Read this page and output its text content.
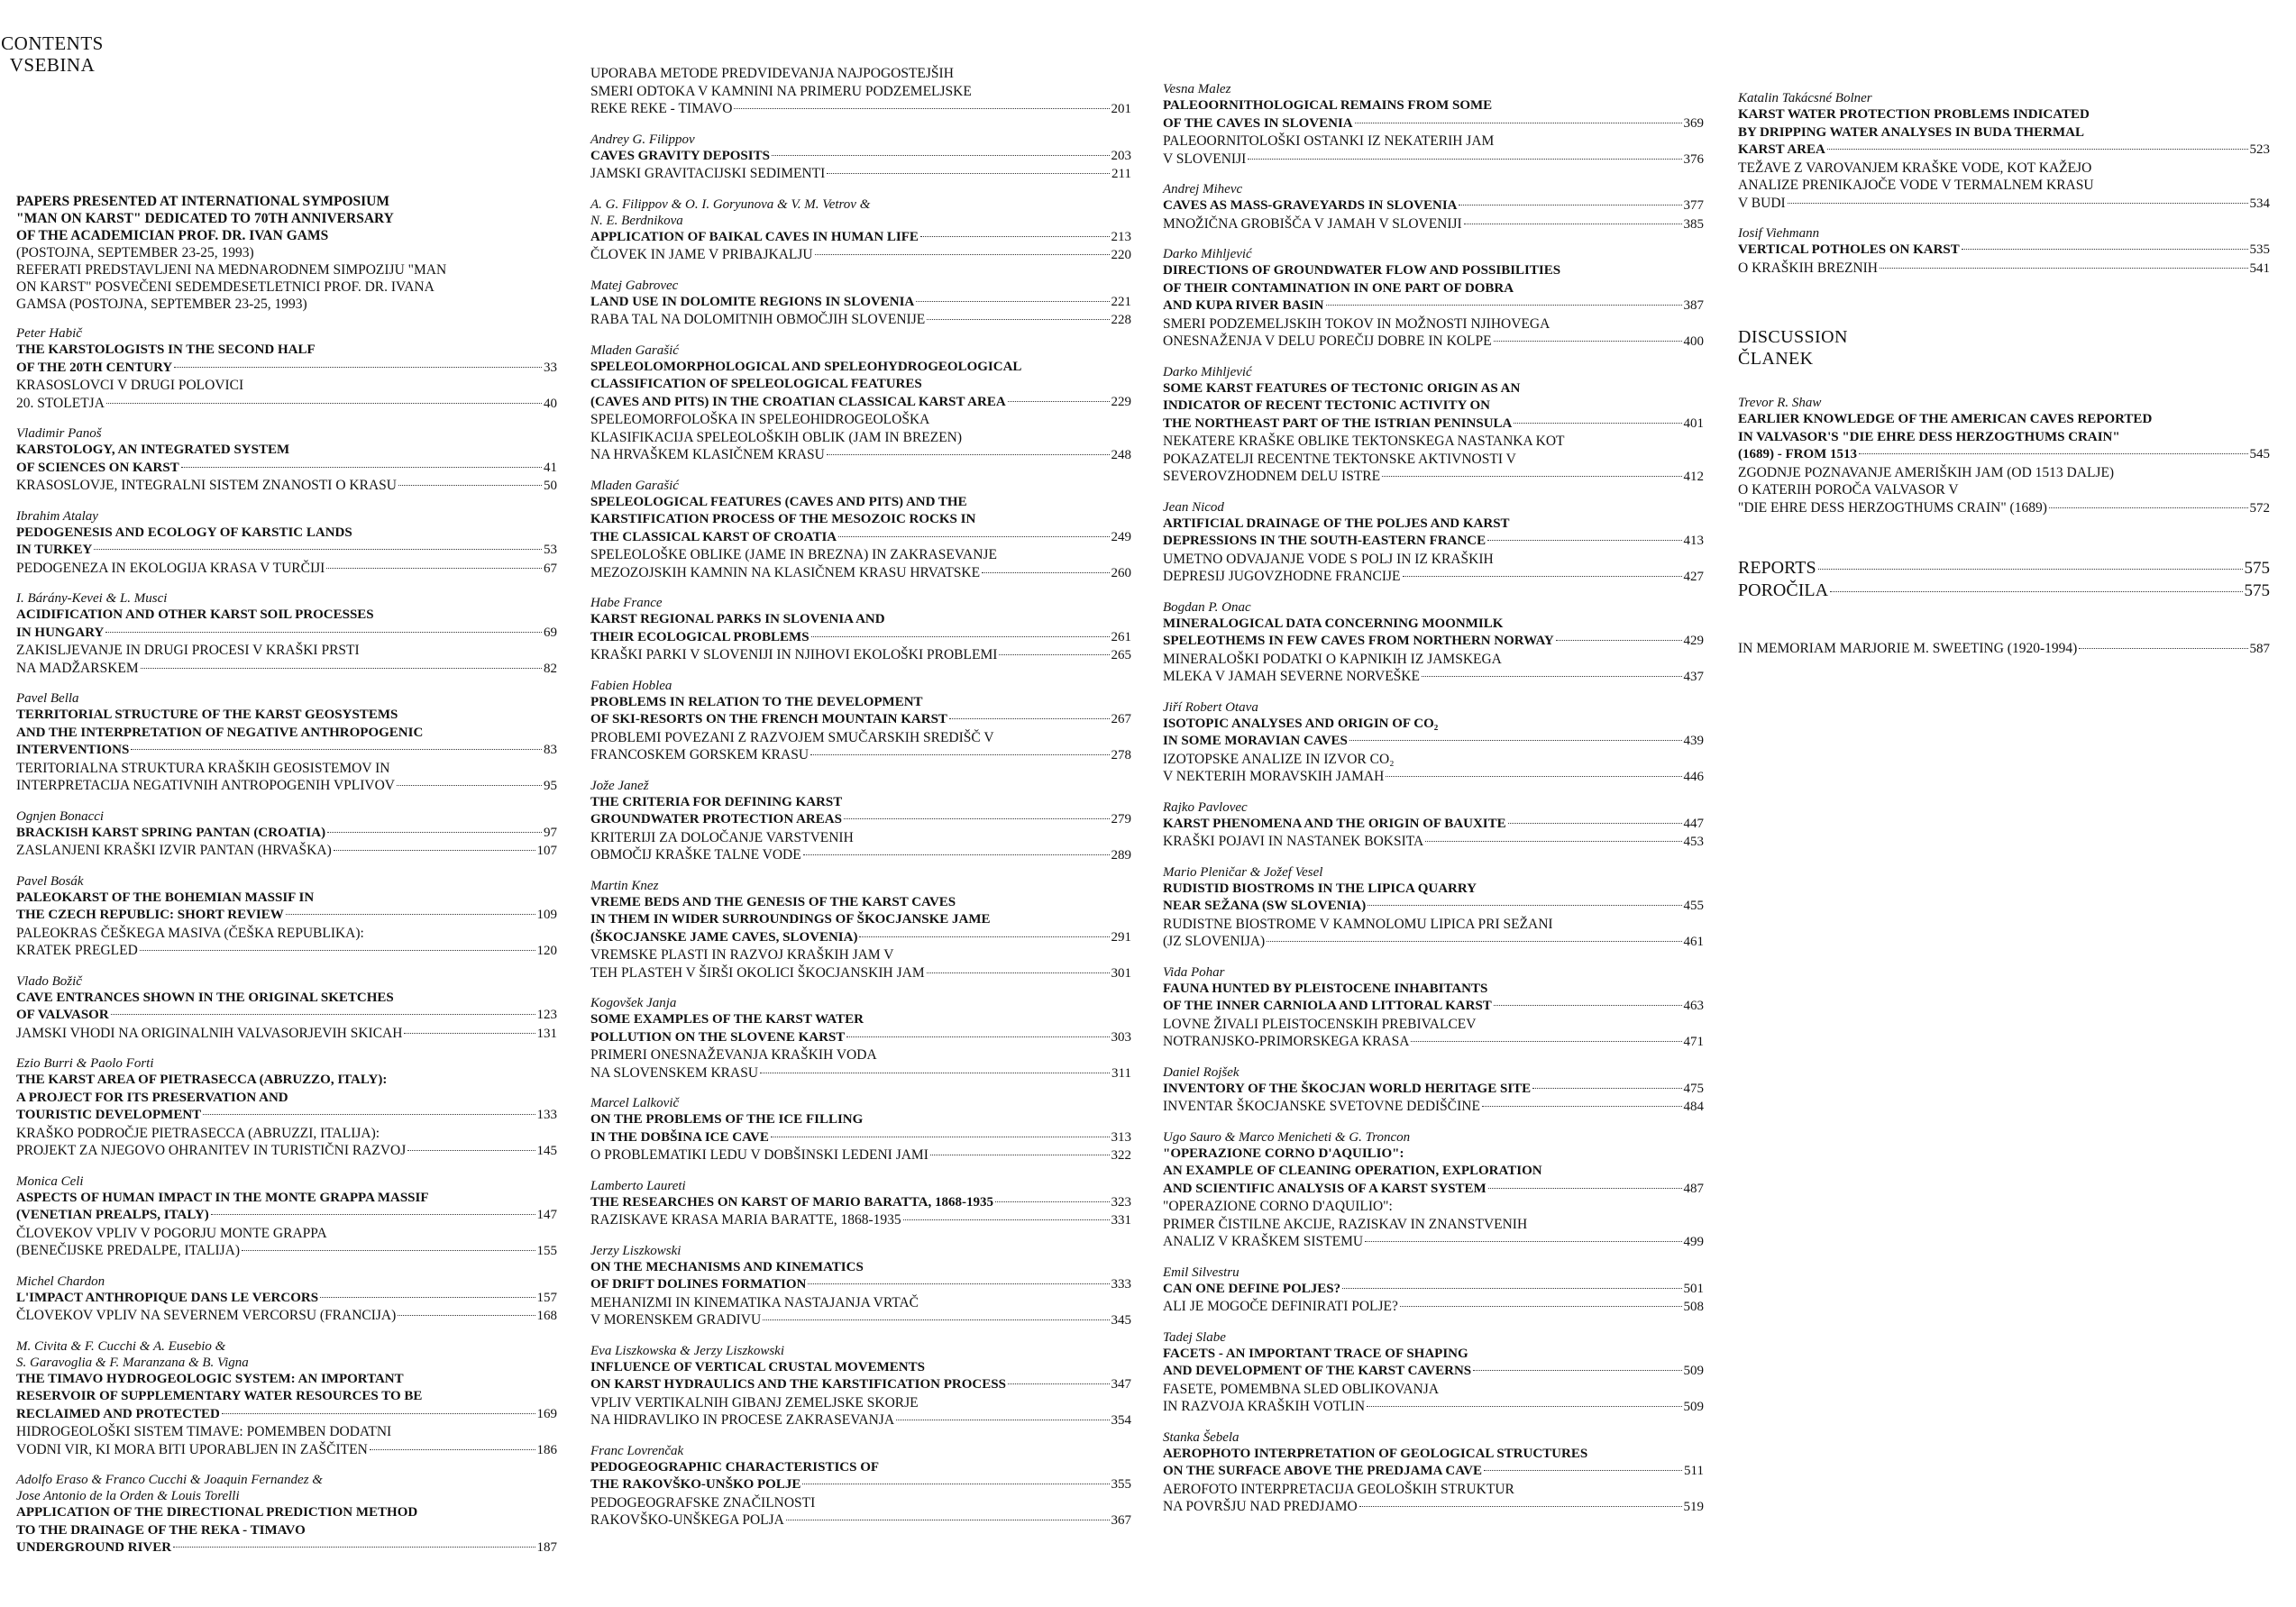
CONTENTS
VSEBINA
PAPERS PRESENTED AT INTERNATIONAL SYMPOSIUM
"MAN ON KARST" DEDICATED TO 70TH ANNIVERSARY
OF THE ACADEMICIAN PROF. DR. IVAN GAMS
(POSTOJNA, SEPTEMBER 23-25, 1993)
REFERATI PREDSTAVLJENI NA MEDNARODNEM SIMPOZIJU "MAN
ON KARST" POSVEČENI SEDEMDESETLETNICI PROF. DR. IVANA
GAMSA (POSTOJNA, SEPTEMBER 23-25, 1993)
Peter Habič
THE KARSTOLOGISTS IN THE SECOND HALF
OF THE 20TH CENTURY	33
KRASOSLOVCI V DRUGI POLOVICI
20. STOLETJA	40
Vladimir Panoš
KARSTOLOGY, AN INTEGRATED SYSTEM
OF SCIENCES ON KARST	41
KRASOSLOVJE, INTEGRALNI SISTEM ZNANOSTI O KRASU	50
Ibrahim Atalay
PEDOGENESIS AND ECOLOGY OF KARSTIC LANDS
IN TURKEY	53
PEDOGENEZA IN EKOLOGIJA KRASA V TURČIJI	67
I. Bárány-Kevei & L. Musci
ACIDIFICATION AND OTHER KARST SOIL PROCESSES
IN HUNGARY	69
ZAKISLJEVANJE IN DRUGI PROCESI V KRAŠKI PRSTI
NA MADŽARSKEM	82
Pavel Bella
TERRITORIAL STRUCTURE OF THE KARST GEOSYSTEMS
AND THE INTERPRETATION OF NEGATIVE ANTHROPOGENIC
INTERVENTIONS	83
TERITORIALNA STRUKTURA KRAŠKIH GEOSISTEMOV IN
INTERPRETACIJA NEGATIVNIH ANTROPOGENIH VPLIVOV	95
Ognjen Bonacci
BRACKISH KARST SPRING PANTAN (CROATIA)	97
ZASLANJENI KRAŠKI IZVIR PANTAN (HRVAŠKA)	107
Pavel Bosák
PALEOKARST OF THE BOHEMIAN MASSIF IN
THE CZECH REPUBLIC: SHORT REVIEW	109
PALEOKRAS ČEŠKEGA MASIVA (ČEŠKA REPUBLIKA):
KRATEK PREGLED	120
Vlado Božič
CAVE ENTRANCES SHOWN IN THE ORIGINAL SKETCHES
OF VALVASOR	123
JAMSKI VHODI NA ORIGINALNIH VALVASORJEVIH SKICAH	131
Ezio Burri & Paolo Forti
THE KARST AREA OF PIETRASECCA (ABRUZZO, ITALY):
A PROJECT FOR ITS PRESERVATION AND
TOURISTIC DEVELOPMENT	133
KRAŠKO PODROČJE PIETRASECCA (ABRUZZI, ITALIJA):
PROJEKT ZA NJEGOVO OHRANITEV IN TURISTIČNI RAZVOJ	145
Monica Celi
ASPECTS OF HUMAN IMPACT IN THE MONTE GRAPPA MASSIF
(VENETIAN PREALPS, ITALY)	147
ČLOVEKOV VPLIV V POGORJU MONTE GRAPPA
(BENEČIJSKE PREDALPE, ITALIJA)	155
Michel Chardon
L'IMPACT ANTHROPIQUE DANS LE VERCORS	157
ČLOVEKOV VPLIV NA SEVERNEM VERCORSU (FRANCIJA)	168
M. Civita & F. Cucchi & A. Eusebio &
S. Garavoglia & F. Maranzana & B. Vigna
THE TIMAVO HYDROGEOLOGIC SYSTEM: AN IMPORTANT
RESERVOIR OF SUPPLEMENTARY WATER RESOURCES TO BE
RECLAIMED AND PROTECTED	169
HIDROGEOLOŠKI SISTEM TIMAVE: POMEMBEN DODATNI
VODNI VIR, KI MORA BITI UPORABLJEN IN ZAŠČITEN	186
Adolfo Eraso & Franco Cucchi & Joaquin Fernandez &
Jose Antonio de la Orden & Louis Torelli
APPLICATION OF THE DIRECTIONAL PREDICTION METHOD
TO THE DRAINAGE OF THE REKA - TIMAVO
UNDERGROUND RIVER	187
UPORABA METODE PREDVIDEVANJA NAJPOGOSTEJŠIH
SMERI ODTOKA V KAMNINI NA PRIMERU PODZEMELJSKE
REKE REKE - TIMAVO	201
Andrey G. Filippov
CAVES GRAVITY DEPOSITS	203
JAMSKI GRAVITACIJSKI SEDIMENTI	211
A. G. Filippov & O. I. Goryunova & V. M. Vetrov &
N. E. Berdnikova
APPLICATION OF BAIKAL CAVES IN HUMAN LIFE	213
ČLOVEK IN JAME V PRIBAJKALJU	220
Matej Gabrovec
LAND USE IN DOLOMITE REGIONS IN SLOVENIA	221
RABA TAL NA DOLOMITNIH OBMOČJIH SLOVENIJE	228
Mladen Garašić
SPELEOLOMORPHOLOGICAL AND SPELEOHYDROGEOLOGICAL
CLASSIFICATION OF SPELEOLOGICAL FEATURES
(CAVES AND PITS) IN THE CROATIAN CLASSICAL KARST AREA	229
SPELEOMORFOLOŠKA IN SPELEOHIDROGEOLOŠKA
KLASIFIKACIJA SPELEOLOŠKIH OBLIK (JAM IN BREZEN)
NA HRVAŠKEM KLASIČNEM KRASU	248
Mladen Garašić
SPELEOLOGICAL FEATURES (CAVES AND PITS) AND THE
KARSTIFICATION PROCESS OF THE MESOZOIC ROCKS IN
THE CLASSICAL KARST OF CROATIA	249
SPELEOLOŠKE OBLIKE (JAME IN BREZNA) IN ZAKRASEVANJE
MEZOZOJSKIH KAMNIN NA KLASIČNEM KRASU HRVATSKE	260
Habe France
KARST REGIONAL PARKS IN SLOVENIA AND
THEIR ECOLOGICAL PROBLEMS	261
KRAŠKI PARKI V SLOVENIJI IN NJIHOVI EKOLOŠKI PROBLEMI	265
Fabien Hoblea
PROBLEMS IN RELATION TO THE DEVELOPMENT
OF SKI-RESORTS ON THE FRENCH MOUNTAIN KARST	267
PROBLEMI POVEZANI Z RAZVOJEM SMUČARSKIH SREDIŠČ V
FRANCOSKEM GORSKEM KRASU	278
Jože Janež
THE CRITERIA FOR DEFINING KARST
GROUNDWATER PROTECTION AREAS	279
KRITERIJI ZA DOLOČANJE VARSTVENIH
OBMOČIJ KRAŠKE TALNE VODE	289
Martin Knez
VREME BEDS AND THE GENESIS OF THE KARST CAVES
IN THEM IN WIDER SURROUNDINGS OF ŠKOCJANSKE JAME
(ŠKOCJANSKE JAME CAVES, SLOVENIA)	291
VREMSKE PLASTI IN RAZVOJ KRAŠKIH JAM V
TEH PLASTEH V ŠIRŠI OKOLICI ŠKOCJANSKIH JAM	301
Kogovšek Janja
SOME EXAMPLES OF THE KARST WATER
POLLUTION ON THE SLOVENE KARST	303
PRIMERI ONESNAŽEVANJA KRAŠKIH VODA
NA SLOVENSKEM KRASU	311
Marcel Lalkovič
ON THE PROBLEMS OF THE ICE FILLING
IN THE DOBŠINA ICE CAVE	313
O PROBLEMATIKI LEDU V DOBŠINSKI LEDENI JAMI	322
Lamberto Laureti
THE RESEARCHES ON KARST OF MARIO BARATTA, 1868-1935	323
RAZISKAVE KRASA MARIA BARATTE, 1868-1935	331
Jerzy Liszkowski
ON THE MECHANISMS AND KINEMATICS
OF DRIFT DOLINES FORMATION	333
MEHANIZMI IN KINEMATIKA NASTAJANJA VRTAČ
V MORENSKEM GRADIVU	345
Eva Liszkowska & Jerzy Liszkowski
INFLUENCE OF VERTICAL CRUSTAL MOVEMENTS
ON KARST HYDRAULICS AND THE KARSTIFICATION PROCESS	347
VPLIV VERTIKALNIH GIBANJ ZEMELJSKE SKORJE
NA HIDRAVLIKO IN PROCESE ZAKRASEVANJA	354
Franc Lovrenčak
PEDOGEOGRAPHIC CHARACTERISTICS OF
THE RAKOVŠKO-UNŠKO POLJE	355
PEDOGEOGRAFSKE ZNAČILNOSTI
RAKOVŠKO-UNŠKEGA POLJA	367
Vesna Malez
PALEOORNITHOLOGICAL REMAINS FROM SOME
OF THE CAVES IN SLOVENIA	369
PALEOORNITOLOŠKI OSTANKI IZ NEKATERIH JAM
V SLOVENIJI	376
Andrej Mihevc
CAVES AS MASS-GRAVEYARDS IN SLOVENIA	377
MNOŽIČNA GROBIŠČA V JAMAH V SLOVENIJI	385
Darko Mihljević
DIRECTIONS OF GROUNDWATER FLOW AND POSSIBILITIES
OF THEIR CONTAMINATION IN ONE PART OF DOBRA
AND KUPA RIVER BASIN	387
SMERI PODZEMELJSKIH TOKOV IN MOŽNOSTI NJIHOVEGA
ONESNAŽENJA V DELU POREČIJ DOBRE IN KOLPE	400
Darko Mihljević
SOME KARST FEATURES OF TECTONIC ORIGIN AS AN
INDICATOR OF RECENT TECTONIC ACTIVITY ON
THE NORTHEAST PART OF THE ISTRIAN PENINSULA	401
NEKATERE KRAŠKE OBLIKE TEKTONSKEGA NASTANKA KOT
POKAZATELJI RECENTNE TEKTONSKE AKTIVNOSTI V
SEVEROVZHODNEM DELU ISTRE	412
Jean Nicod
ARTIFICIAL DRAINAGE OF THE POLJES AND KARST
DEPRESSIONS IN THE SOUTH-EASTERN FRANCE	413
UMETNO ODVAJANJE VODE S POLJ IN IZ KRAŠKIH
DEPRESIJ JUGOVZHODNE FRANCIJE	427
Bogdan P. Onac
MINERALOGICAL DATA CONCERNING MOONMILK
SPELEOTHEMS IN FEW CAVES FROM NORTHERN NORWAY	429
MINERALOŠKI PODATKI O KAPNIKIH IZ JAMSKEGA
MLEKA V JAMAH SEVERNE NORVEŠKE	437
Jiří Robert Otava
ISOTOPIC ANALYSES AND ORIGIN OF CO₂
IN SOME MORAVIAN CAVES	439
IZOTOPSKE ANALIZE IN IZVOR CO₂
V NEKTERIH MORAVSKIH JAMAH	446
Rajko Pavlovec
KARST PHENOMENA AND THE ORIGIN OF BAUXITE	447
KRAŠKI POJAVI IN NASTANEK BOKSITA	453
Mario Pleničar & Jožef Vesel
RUDISTID BIOSTROMS IN THE LIPICA QUARRY
NEAR SEŽANA (SW SLOVENIA)	455
RUDISTNE BIOSTROME V KAMNOLOMU LIPICA PRI SEŽANI
(JZ SLOVENIJA)	461
Vida Pohar
FAUNA HUNTED BY PLEISTOCENE INHABITANTS
OF THE INNER CARNIOLA AND LITTORAL KARST	463
LOVNE ŽIVALI PLEISTOCENSKIH PREBIVALCEV
NOTRANJSKO-PRIMORSKEGA KRASA	471
Daniel Rojšek
INVENTORY OF THE ŠKOCJAN WORLD HERITAGE SITE	475
INVENTAR ŠKOCJANSKE SVETOVNE DEDIŠČINE	484
Ugo Sauro & Marco Menicheti & G. Troncon
"OPERAZIONE CORNO D'AQUILIO":
AN EXAMPLE OF CLEANING OPERATION, EXPLORATION
AND SCIENTIFIC ANALYSIS OF A KARST SYSTEM	487
"OPERAZIONE CORNO D'AQUILIO":
PRIMER ČISTILNE AKCIJE, RAZISKAV IN ZNANSTVENIH
ANALIZ V KRAŠKEM SISTEMU	499
Emil Silvestru
CAN ONE DEFINE POLJES?	501
ALI JE MOGOČE DEFINIRATI POLJE?	508
Tadej Slabe
FACETS - AN IMPORTANT TRACE OF SHAPING
AND DEVELOPMENT OF THE KARST CAVERNS	509
FASETE, POMEMBNA SLED OBLIKOVANJA
IN RAZVOJA KRAŠKIH VOTLIN	509
Stanka Šebela
AEROPHOTO INTERPRETATION OF GEOLOGICAL STRUCTURES
ON THE SURFACE ABOVE THE PREDJAMA CAVE	511
AEROFOTO INTERPRETACIJA GEOLOŠKIH STRUKTUR
NA POVRŠJU NAD PREDJAMO	519
Katalin Takácsné Bolner
KARST WATER PROTECTION PROBLEMS INDICATED
BY DRIPPING WATER ANALYSES IN BUDA THERMAL
KARST AREA	523
TEŽAVE Z VAROVANJEM KRAŠKE VODE, KOT KAŽEJO
ANALIZE PRENIKAJOČE VODE V TERMALNEM KRASU
V BUDI	534
Iosif Viehmann
VERTICAL POTHOLES ON KARST	535
O KRAŠKIH BREZNIH	541
DISCUSSION
ČLANEK
Trevor R. Shaw
EARLIER KNOWLEDGE OF THE AMERICAN CAVES REPORTED
IN VALVASOR'S "DIE EHRE DESS HERZOGTHUMS CRAIN"
(1689) - FROM 1513	545
ZGODNJE POZNAVANJE AMERIŠKIH JAM (OD 1513 DALJE)
O KATERIH POROČA VALVASOR V
"DIE EHRE DESS HERZOGTHUMS CRAIN" (1689)	572
REPORTS	575
POROČILA	575
IN MEMORIAM MARJORIE M. SWEETING (1920-1994)	587
